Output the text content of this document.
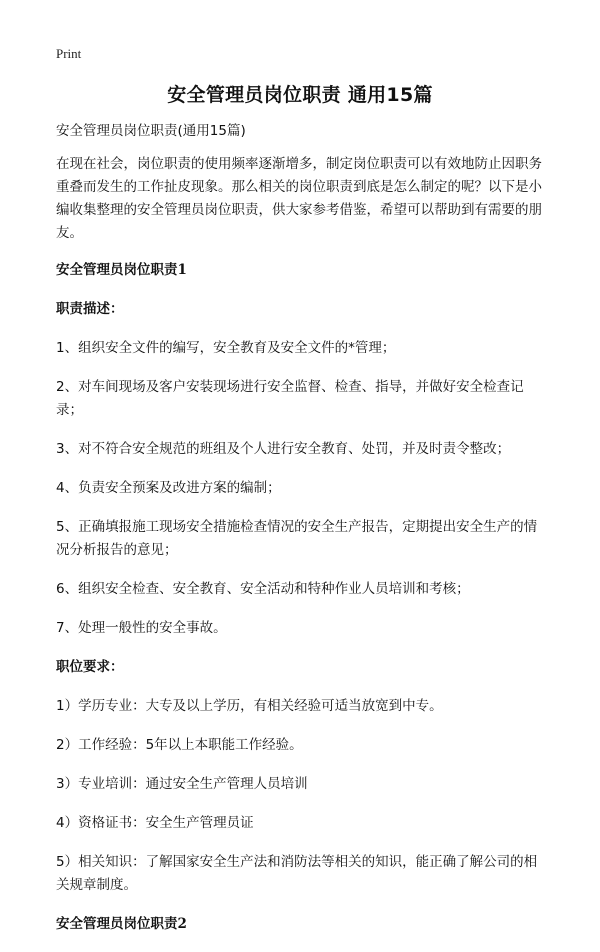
Print
安全管理员岗位职责 通用15篇

安全管理员岗位职责(通用15篇)

在现在社会，岗位职责的使用频率逐渐增多，制定岗位职责可以有效地防止因职务重叠而发生的工作扯皮现象。那么相关的岗位职责到底是怎么制定的呢？以下是小编收集整理的安全管理员岗位职责，供大家参考借鉴，希望可以帮助到有需要的朋友。

安全管理员岗位职责1

职责描述：

1、组织安全文件的编写，安全教育及安全文件的*管理；

2、对车间现场及客户安装现场进行安全监督、检查、指导，并做好安全检查记录；

3、对不符合安全规范的班组及个人进行安全教育、处罚，并及时责令整改；

4、负责安全预案及改进方案的编制；

5、正确填报施工现场安全措施检查情况的安全生产报告，定期提出安全生产的情况分析报告的意见；

6、组织安全检查、安全教育、安全活动和特种作业人员培训和考核；

7、处理一般性的安全事故。

职位要求：

1）学历专业：大专及以上学历，有相关经验可适当放宽到中专。

2）工作经验：5年以上本职能工作经验。

3）专业培训：通过安全生产管理人员培训

4）资格证书：安全生产管理员证

5）相关知识：了解国家安全生产法和消防法等相关的知识，能正确了解公司的相关规章制度。

安全管理员岗位职责2
